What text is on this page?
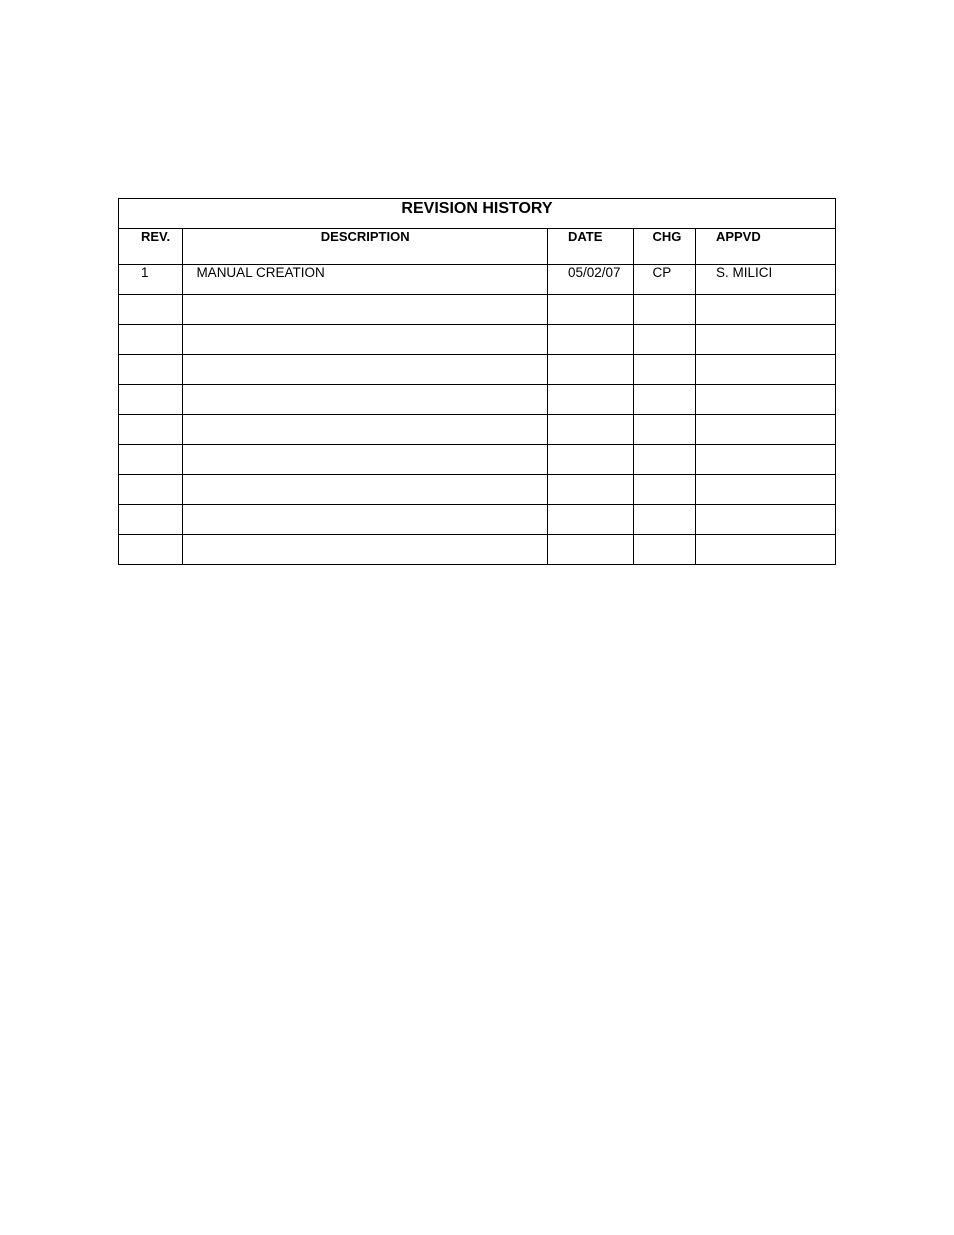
REVISION HISTORY				
REV.	DESCRIPTION	DATE	CHG	APPVD
1	MANUAL CREATION	05/02/07	CP	S. MILICI
